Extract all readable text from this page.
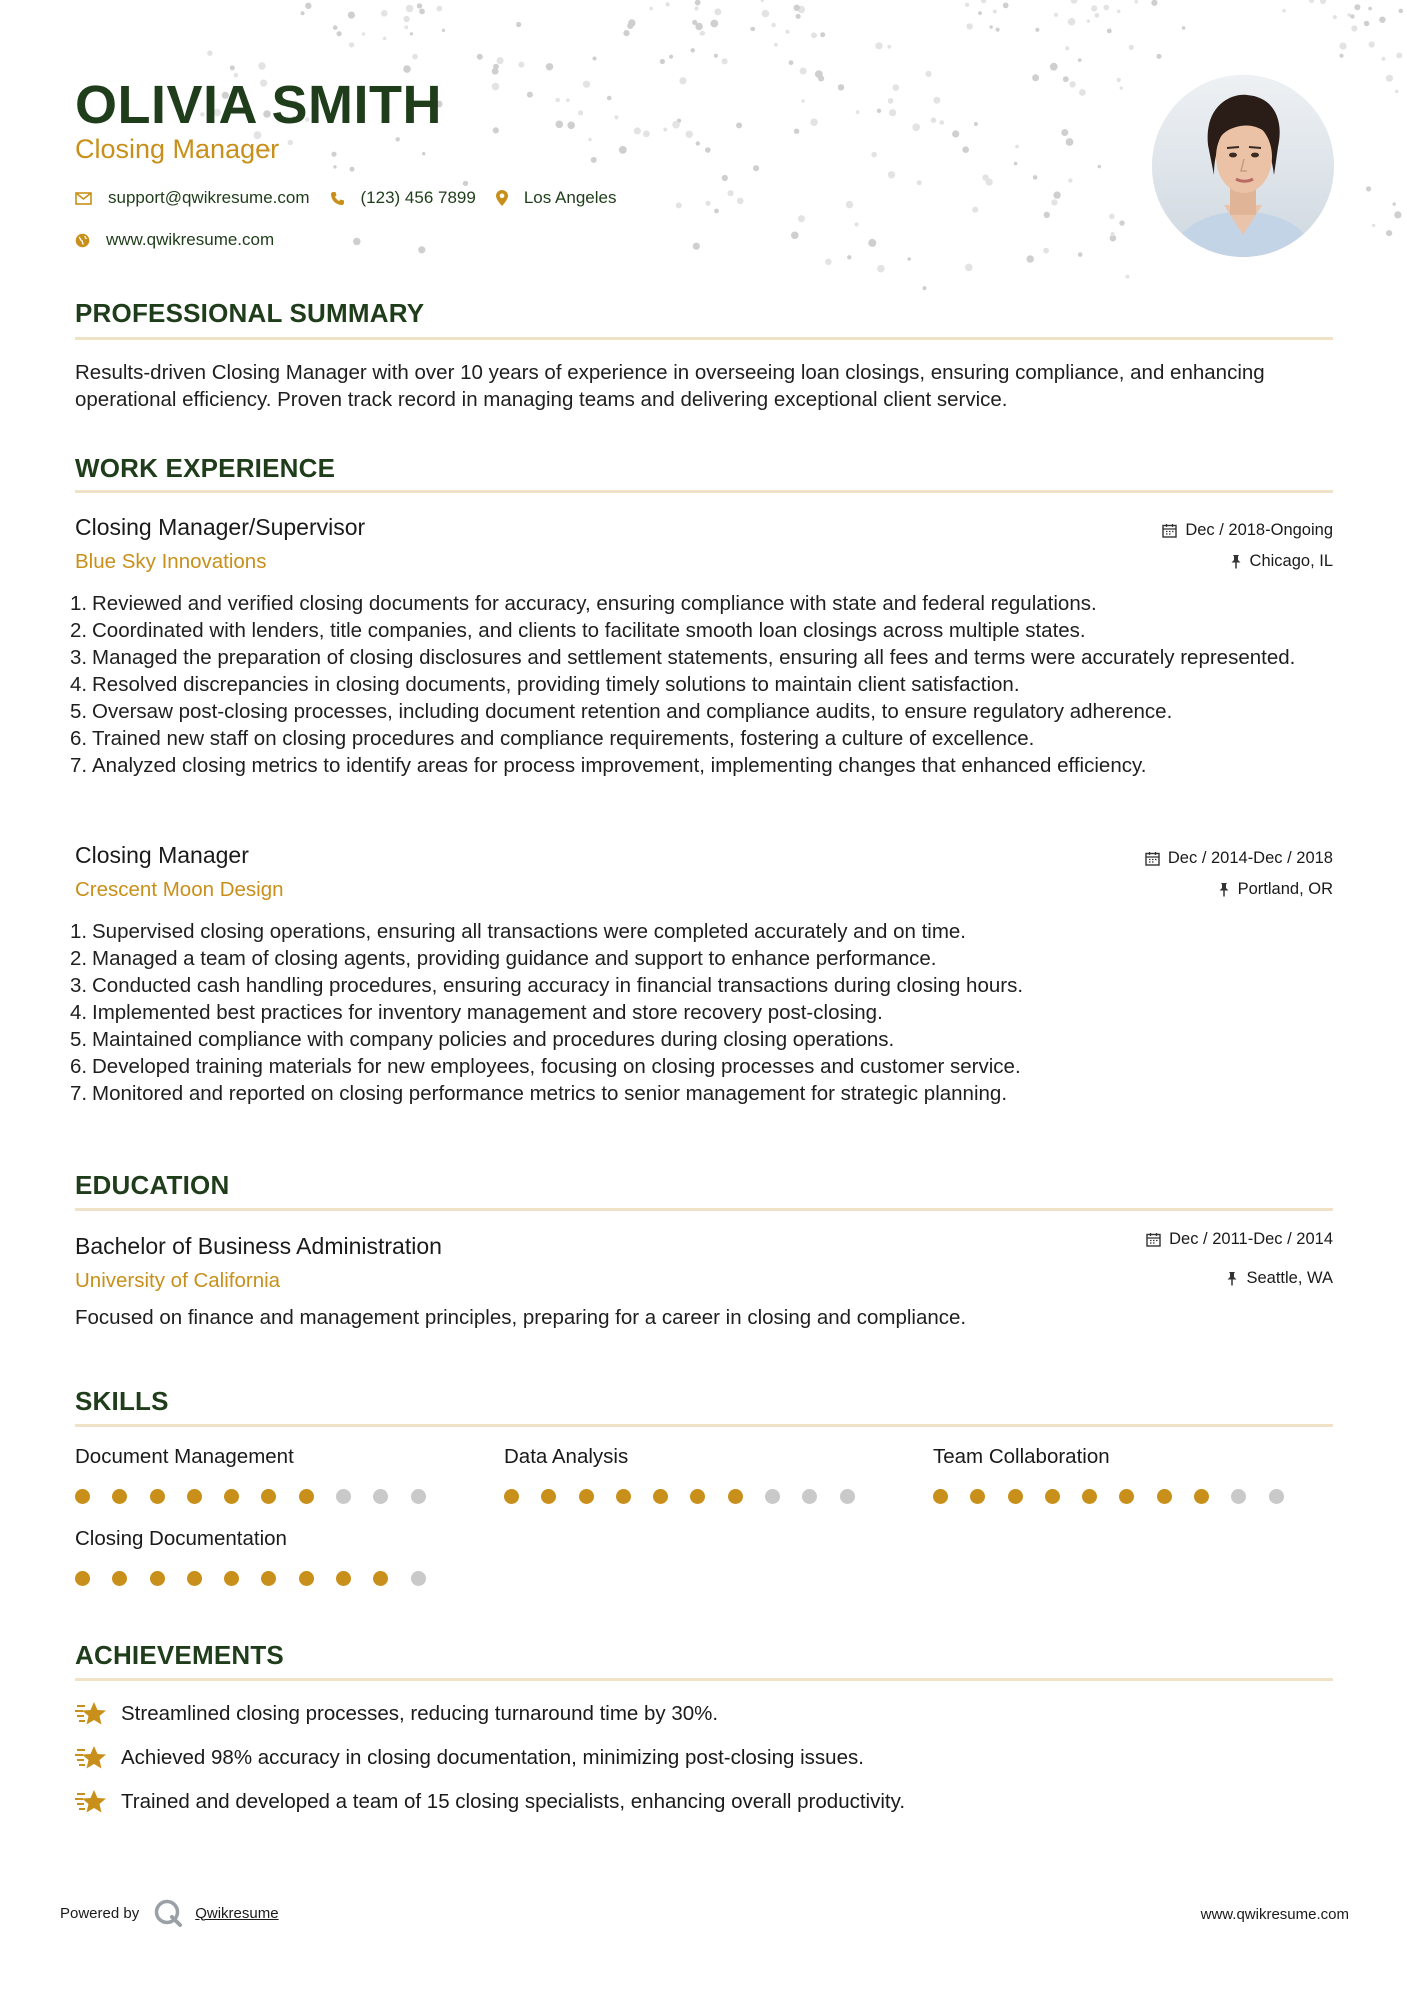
OLIVIA SMITH
Closing Manager
support@qwikresume.com	(123) 456 7899	Los Angeles
www.qwikresume.com
PROFESSIONAL SUMMARY
Results-driven Closing Manager with over 10 years of experience in overseeing loan closings, ensuring compliance, and enhancing operational efficiency. Proven track record in managing teams and delivering exceptional client service.
WORK EXPERIENCE
Closing Manager/Supervisor
Blue Sky Innovations
Dec / 2018-Ongoing
Chicago, IL
1. Reviewed and verified closing documents for accuracy, ensuring compliance with state and federal regulations.
2. Coordinated with lenders, title companies, and clients to facilitate smooth loan closings across multiple states.
3. Managed the preparation of closing disclosures and settlement statements, ensuring all fees and terms were accurately represented.
4. Resolved discrepancies in closing documents, providing timely solutions to maintain client satisfaction.
5. Oversaw post-closing processes, including document retention and compliance audits, to ensure regulatory adherence.
6. Trained new staff on closing procedures and compliance requirements, fostering a culture of excellence.
7. Analyzed closing metrics to identify areas for process improvement, implementing changes that enhanced efficiency.
Closing Manager
Crescent Moon Design
Dec / 2014-Dec / 2018
Portland, OR
1. Supervised closing operations, ensuring all transactions were completed accurately and on time.
2. Managed a team of closing agents, providing guidance and support to enhance performance.
3. Conducted cash handling procedures, ensuring accuracy in financial transactions during closing hours.
4. Implemented best practices for inventory management and store recovery post-closing.
5. Maintained compliance with company policies and procedures during closing operations.
6. Developed training materials for new employees, focusing on closing processes and customer service.
7. Monitored and reported on closing performance metrics to senior management for strategic planning.
EDUCATION
Bachelor of Business Administration
University of California
Dec / 2011-Dec / 2014
Seattle, WA
Focused on finance and management principles, preparing for a career in closing and compliance.
SKILLS
Document Management	Data Analysis	Team Collaboration
Closing Documentation
ACHIEVEMENTS
Streamlined closing processes, reducing turnaround time by 30%.
Achieved 98% accuracy in closing documentation, minimizing post-closing issues.
Trained and developed a team of 15 closing specialists, enhancing overall productivity.
Powered by	Qwikresume	www.qwikresume.com
